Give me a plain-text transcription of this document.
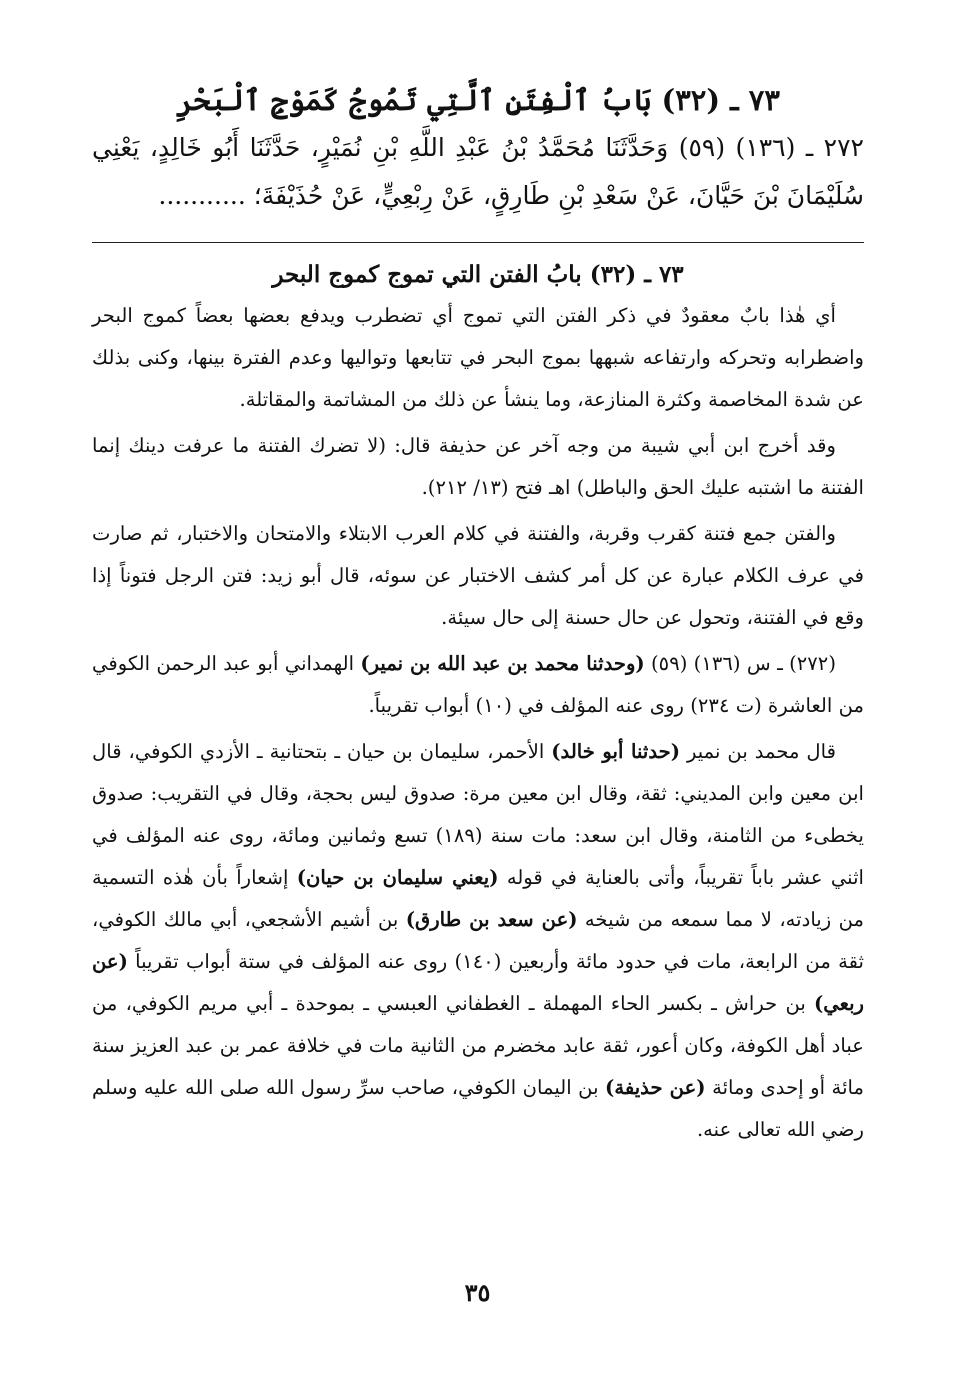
٧٣ ـ (٣٢) بَابُ ٱلْفِتَنِ ٱلَّتِي تَمُوجُ كَمَوْجِ ٱلْبَحْرِ

٢٧٢ ـ (١٣٦) (٥٩) وَحَدَّثَنَا مُحَمَّدُ بْنُ عَبْدِ اللَّهِ بْنِ نُمَيْرٍ، حَدَّثَنَا أَبُو خَالِدٍ، يَعْنِي سُلَيْمَانَ بْنَ حَيَّانَ، عَنْ سَعْدِ بْنِ طَارِقٍ، عَنْ رِبْعِيٍّ، عَنْ حُذَيْفَةَ؛ ...........

٧٣ ـ (٣٢) بابُ الفتن التي تموج كموج البحر

أي هٰذا بابٌ معقودٌ في ذكر الفتن التي تموج أي تضطرب ويدفع بعضها بعضاً كموج البحر واضطرابه وتحركه وارتفاعه شبهها بموج البحر في تتابعها وتواليها وعدم الفترة بينها، وكنى بذلك عن شدة المخاصمة وكثرة المنازعة، وما ينشأ عن ذلك من المشاتمة والمقاتلة.

وقد أخرج ابن أبي شيبة من وجه آخر عن حذيفة قال: (لا تضرك الفتنة ما عرفت دينك إنما الفتنة ما اشتبه عليك الحق والباطل) اهـ فتح (١٣/ ٢١٢).

والفتن جمع فتنة كقرب وقربة، والفتنة في كلام العرب الابتلاء والامتحان والاختبار، ثم صارت في عرف الكلام عبارة عن كل أمر كشف الاختبار عن سوئه، قال أبو زيد: فتن الرجل فتوناً إذا وقع في الفتنة، وتحول عن حال حسنة إلى حال سيئة.

(٢٧٢) ـ س (١٣٦) (٥٩) (وحدثنا محمد بن عبد الله بن نمير) الهمداني أبو عبد الرحمن الكوفي من العاشرة (ت ٢٣٤) روى عنه المؤلف في (١٠) أبواب تقريباً.

قال محمد بن نمير (حدثنا أبو خالد) الأحمر، سليمان بن حيان ـ بتحتانية ـ الأزدي الكوفي، قال ابن معين وابن المديني: ثقة، وقال ابن معين مرة: صدوق ليس بحجة، وقال في التقريب: صدوق يخطىء من الثامنة، وقال ابن سعد: مات سنة (١٨٩) تسع وثمانين ومائة، روى عنه المؤلف في اثني عشر باباً تقريباً، وأتى بالعناية في قوله (يعني سليمان بن حيان) إشعاراً بأن هٰذه التسمية من زيادته، لا مما سمعه من شيخه (عن سعد بن طارق) بن أشيم الأشجعي، أبي مالك الكوفي، ثقة من الرابعة، مات في حدود مائة وأربعين (١٤٠) روى عنه المؤلف في ستة أبواب تقريباً (عن ربعي) بن حراش ـ بكسر الحاء المهملة ـ الغطفاني العبسي ـ بموحدة ـ أبي مريم الكوفي، من عباد أهل الكوفة، وكان أعور، ثقة عابد مخضرم من الثانية مات في خلافة عمر بن عبد العزيز سنة مائة أو إحدى ومائة (عن حذيفة) بن اليمان الكوفي، صاحب سرِّ رسول الله صلى الله عليه وسلم رضي الله تعالى عنه.

٣٥
